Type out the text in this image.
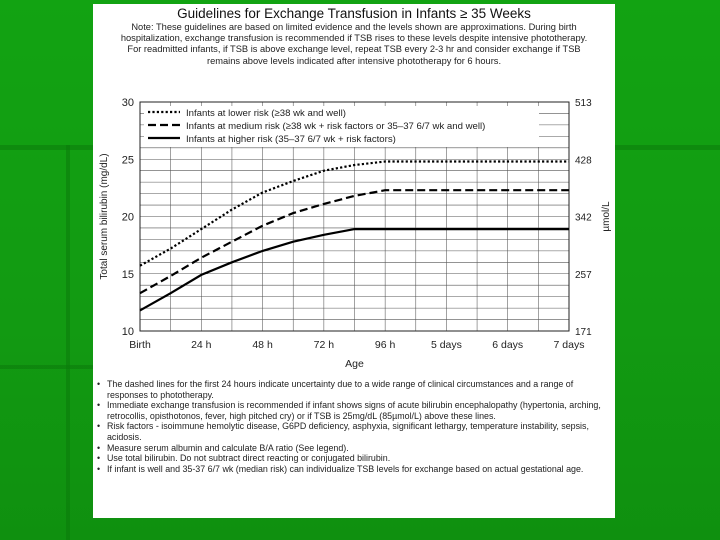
Guidelines for Exchange Transfusion in Infants ≥ 35 Weeks
Note: These guidelines are based on limited evidence and the levels shown are approximations. During birth hospitalization, exchange transfusion is recommended if TSB rises to these levels despite intensive phototherapy. For readmitted infants, if TSB is above exchange level, repeat TSB every 2-3 hr and consider exchange if TSB remains above levels indicated after intensive phototherapy for 6 hours.
10
15
20
25
30
171
257
342
428
513
Birth	24 h	48 h	72 h	96 h	5 days	6 days	7 days
Age
Total serum bilirubin (mg/dL)	µmol/L
Infants at lower risk (≥38 wk and well)
Infants at medium risk (≥38 wk + risk factors or 35–37 6/7 wk and well)
Infants at higher risk (35–37 6/7 wk + risk factors)
• The dashed lines for the first 24 hours indicate uncertainty due to a wide range of clinical circumstances and a range of responses to phototherapy.
• Immediate exchange transfusion is recommended if infant shows signs of acute bilirubin encephalopathy (hypertonia, arching, retrocollis, opisthotonos, fever, high pitched cry) or if TSB is 25mg/dL (85µmol/L) above these lines.
• Risk factors - isoimmune hemolytic disease, G6PD deficiency, asphyxia, significant lethargy, temperature instability, sepsis, acidosis.
• Measure serum albumin and calculate B/A ratio (See legend).
• Use total bilirubin. Do not subtract direct reacting or conjugated bilirubin.
• If infant is well and 35-37 6/7 wk (median risk) can individualize TSB levels for exchange based on actual gestational age.
